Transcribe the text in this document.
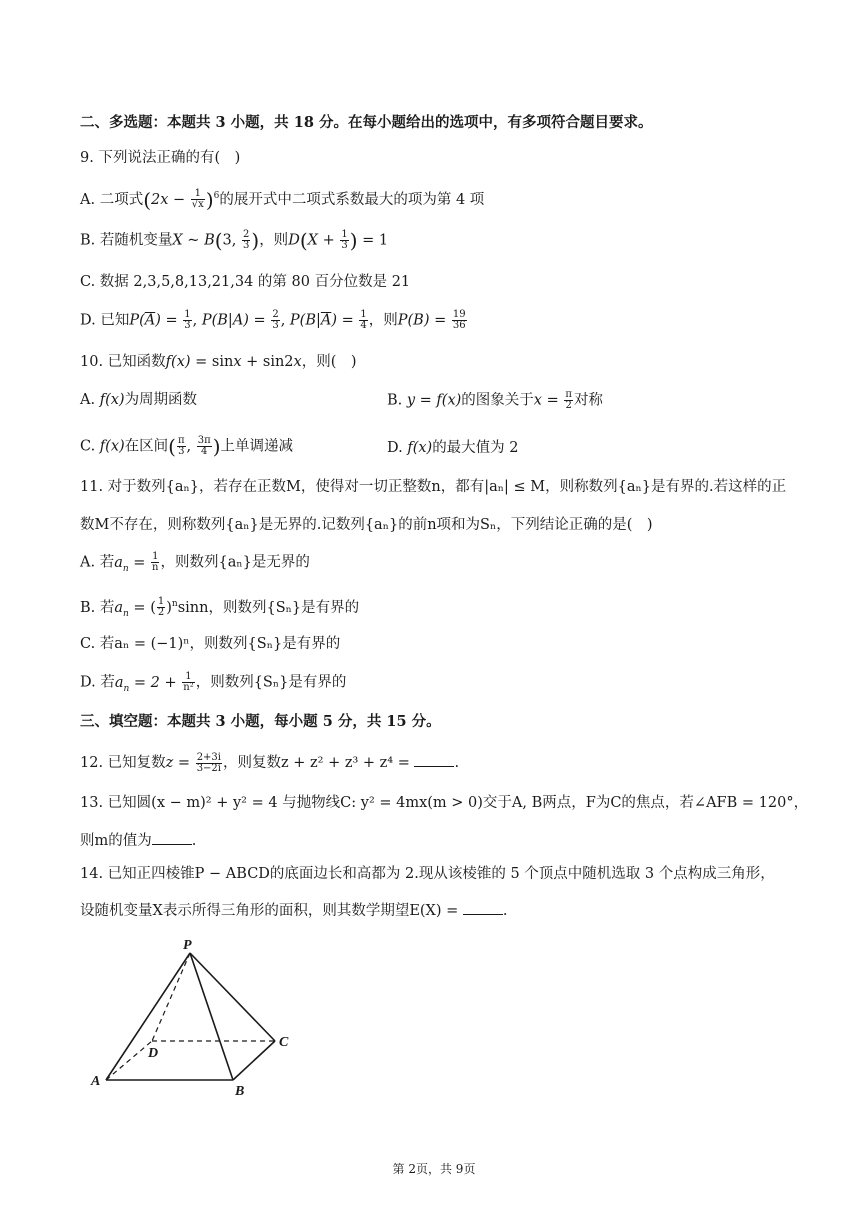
二、多选题：本题共 3 小题，共 18 分。在每小题给出的选项中，有多项符合题目要求。
9. 下列说法正确的有( )
A. 二项式$(2x - \frac{1}{√x} )^6$的展开式中二项式系数最大的项为第 4 项
B. 若随机变量X ~ B(3, $\frac{2}{3}$ )，则$D(X + \frac{1}{3}$ ) = 1
C. 数据 2,3,5,8,13,21,34 的第 80 百分位数是 21
D. 已知$P(\overline{A}) = \frac{1}{3}$ , $P(B|A) = \frac{2}{3}$ , $P(B|\overline{A}) = \frac{1}{4}$ ，则$P(B) = \frac{19}{36}$
10. 已知函数f(x) = sinx + sin2x，则( )
A. f(x)为周期函数	B. y = f(x)的图象关于$x = \frac{\pi}{2}$ 对称
C. f(x)在区间( $\frac{\pi}{3}$ , $\frac{3\pi}{4}$ )上单调递减	D. f(x)的最大值为 2
11. 对于数列{aₙ}，若存在正数M，使得对一切正整数n，都有|aₙ| ≤ M，则称数列{aₙ}是有界的.若这样的正
数M不存在，则称数列{aₙ}是无界的.记数列{aₙ}的前n项和为Sₙ，下列结论正确的是( )
A. 若$a_n = \frac{1}{n}$ ，则数列{aₙ}是无界的
B. 若$a_n$ = ( $\frac{1}{2} )^n\sin n$，则数列{Sₙ}是有界的
C. 若aₙ = (−1)ⁿ，则数列{Sₙ}是有界的
D. 若$a_n = 2 + \frac{1}{\text{n²}}$ ，则数列{Sₙ}是有界的
三、填空题：本题共 3 小题，每小题 5 分，共 15 分。
12. 已知复数$z = \frac{2+3i}{3-2i}$ ，则复数z + z² + z³ + z⁴ =	.
13. 已知圆(x − m)² + y² = 4 与抛物线C: y² = 4mx(m > 0)交于A, B两点，F为C的焦点，若∠AFB = 120°，
则m的值为	.
14. 已知正四棱锥P − ABCD的底面边长和高都为 2.现从该棱锥的 5 个顶点中随机选取 3 个点构成三角形，
设随机变量X表示所得三角形的面积，则其数学期望E(X) =	.
P
A
B
C
D
第 2页，共 9页
